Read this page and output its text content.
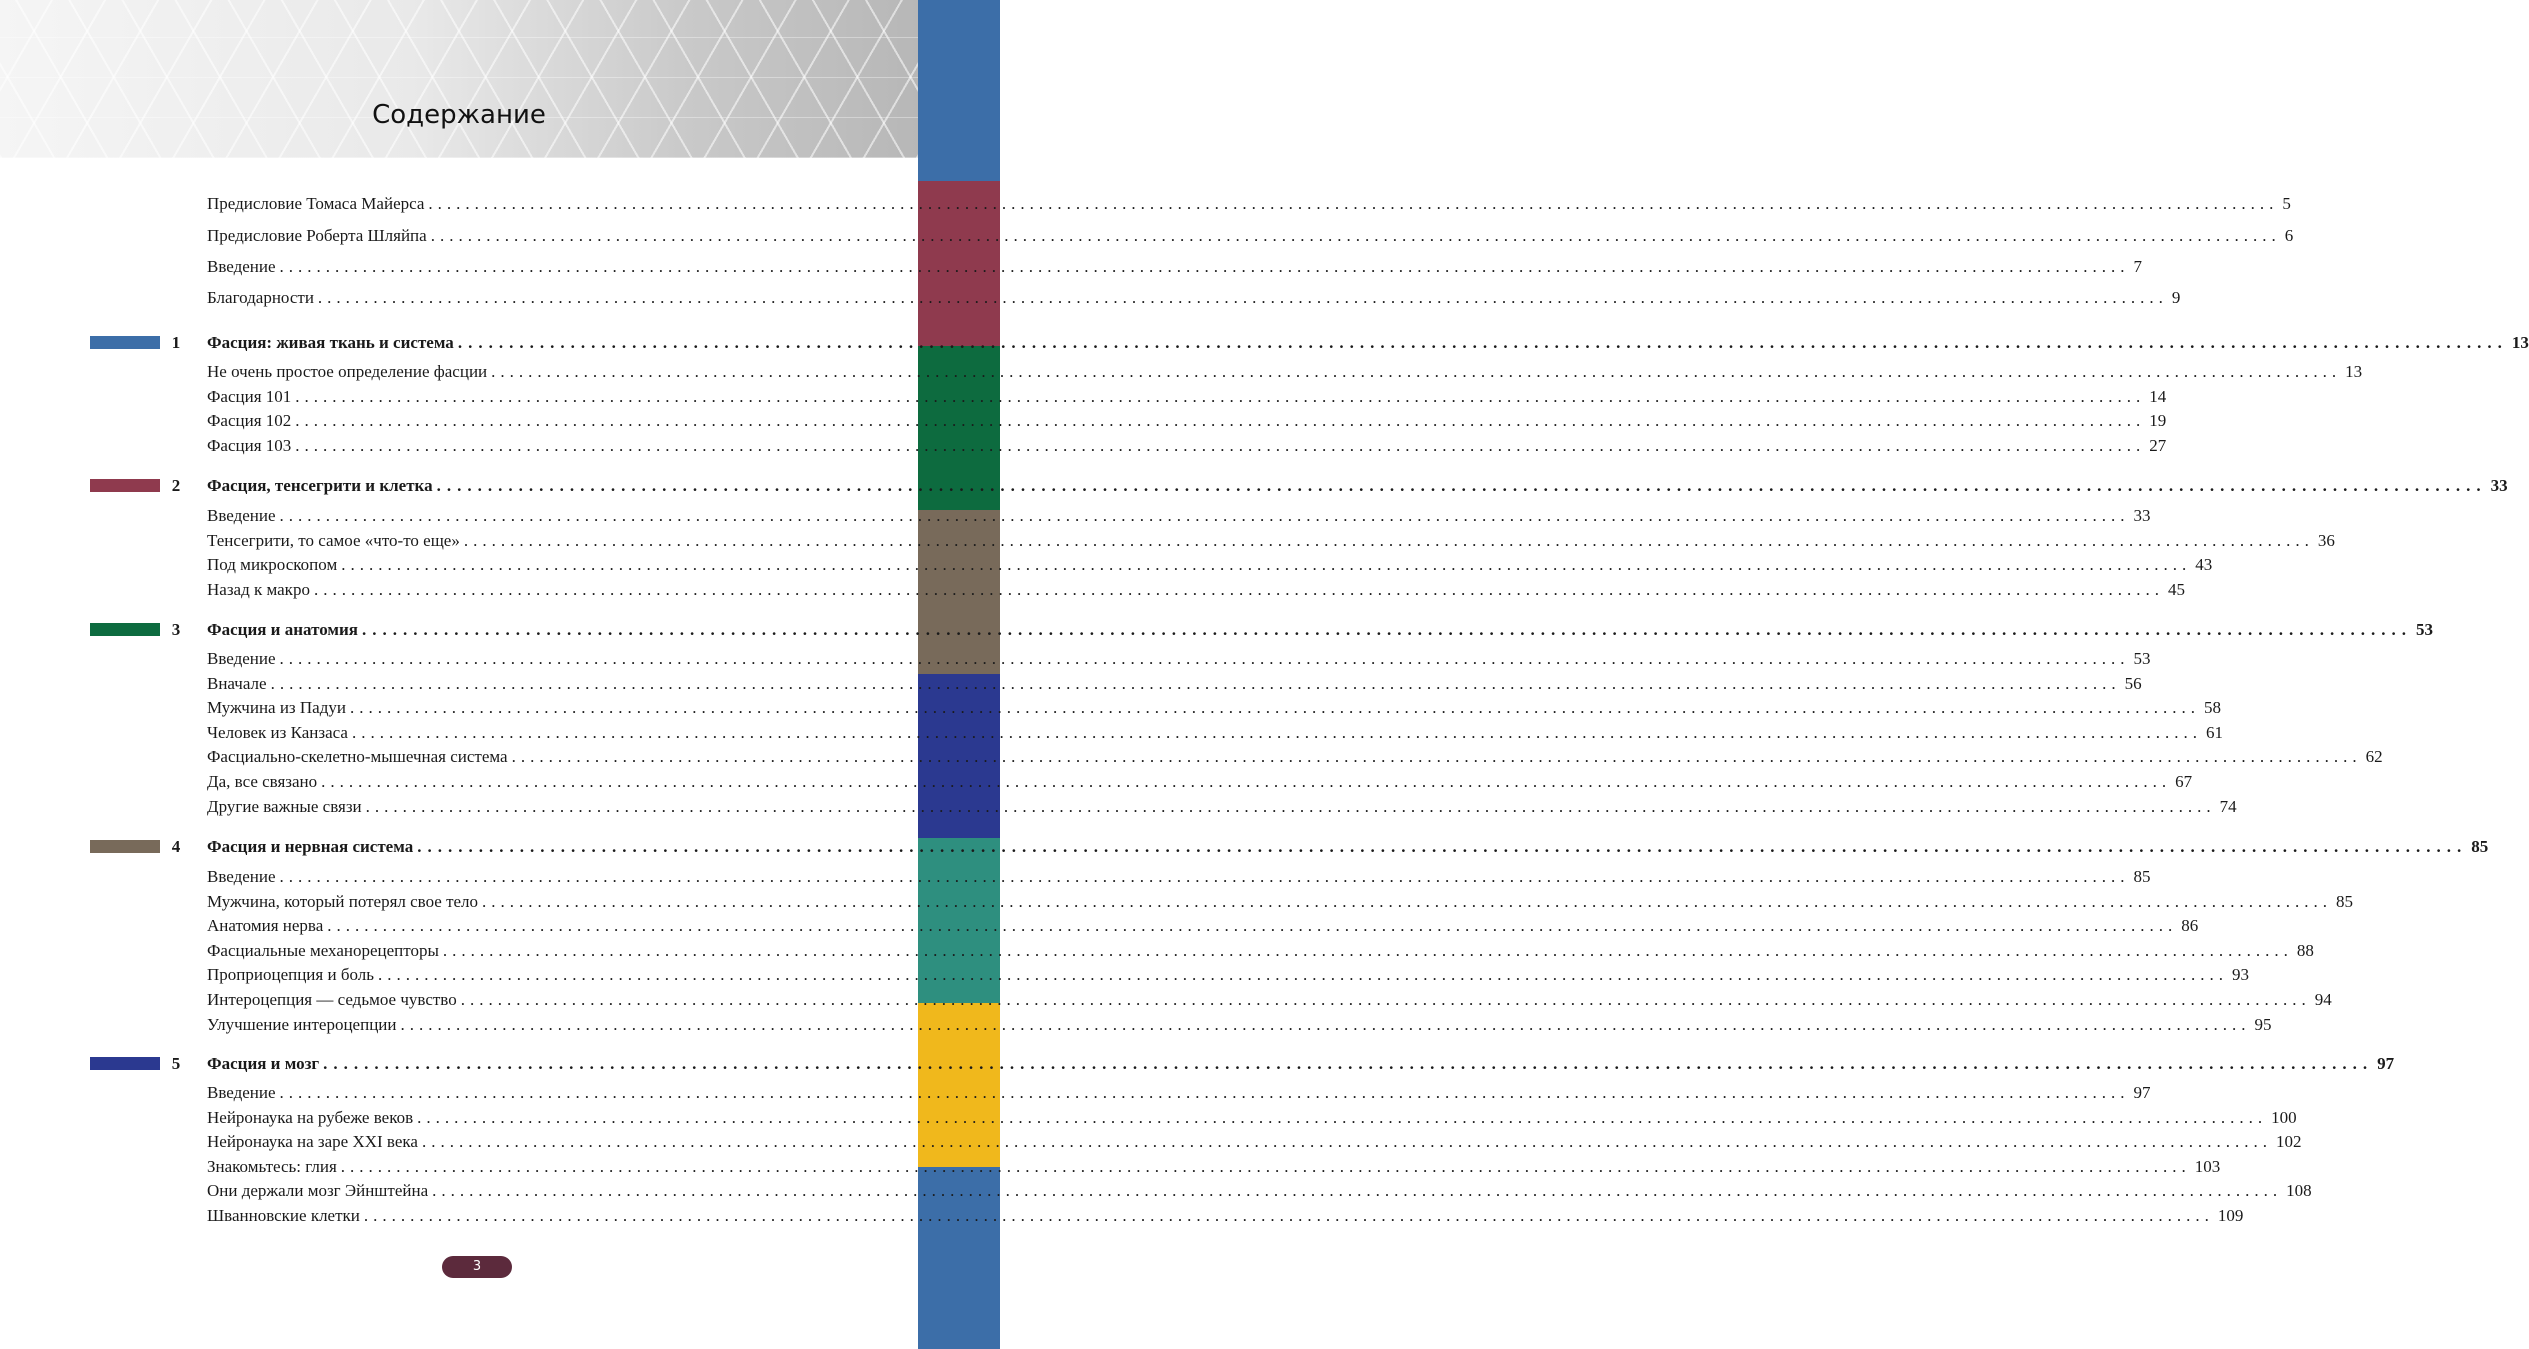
Содержание
Предисловие Томаса Майерса ........................................................................................................................................................................................................ 5
Предисловие Роберта Шляйпа ........................................................................................................................................................................................................ 6
Введение ........................................................................................................................................................................................................ 7
Благодарности ........................................................................................................................................................................................................ 9
1 Фасция: живая ткань и система ........................................................................................................................................................................................................ 13
Не очень простое определение фасции ........................................................................................................................................................................................................ 13
Фасция 101 ........................................................................................................................................................................................................ 14
Фасция 102 ........................................................................................................................................................................................................ 19
Фасция 103 ........................................................................................................................................................................................................ 27
2 Фасция, тенсегрити и клетка ........................................................................................................................................................................................................ 33
Введение ........................................................................................................................................................................................................ 33
Тенсегрити, то самое «что-то еще» ........................................................................................................................................................................................................ 36
Под микроскопом ........................................................................................................................................................................................................ 43
Назад к макро ........................................................................................................................................................................................................ 45
3 Фасция и анатомия ........................................................................................................................................................................................................ 53
Введение ........................................................................................................................................................................................................ 53
Вначале ........................................................................................................................................................................................................ 56
Мужчина из Падуи ........................................................................................................................................................................................................ 58
Человек из Канзаса ........................................................................................................................................................................................................ 61
Фасциально-скелетно-мышечная система ........................................................................................................................................................................................................ 62
Да, все связано ........................................................................................................................................................................................................ 67
Другие важные связи ........................................................................................................................................................................................................ 74
4 Фасция и нервная система ........................................................................................................................................................................................................ 85
Введение ........................................................................................................................................................................................................ 85
Мужчина, который потерял свое тело ........................................................................................................................................................................................................ 85
Анатомия нерва ........................................................................................................................................................................................................ 86
Фасциальные механорецепторы ........................................................................................................................................................................................................ 88
Проприоцепция и боль ........................................................................................................................................................................................................ 93
Интероцепция — седьмое чувство ........................................................................................................................................................................................................ 94
Улучшение интероцепции ........................................................................................................................................................................................................ 95
5 Фасция и мозг ........................................................................................................................................................................................................ 97
Введение ........................................................................................................................................................................................................ 97
Нейронаука на рубеже веков ........................................................................................................................................................................................................ 100
Нейронаука на заре XXI века ........................................................................................................................................................................................................ 102
Знакомьтесь: глия ........................................................................................................................................................................................................ 103
Они держали мозг Эйнштейна ........................................................................................................................................................................................................ 108
Шванновские клетки ........................................................................................................................................................................................................ 109
3
